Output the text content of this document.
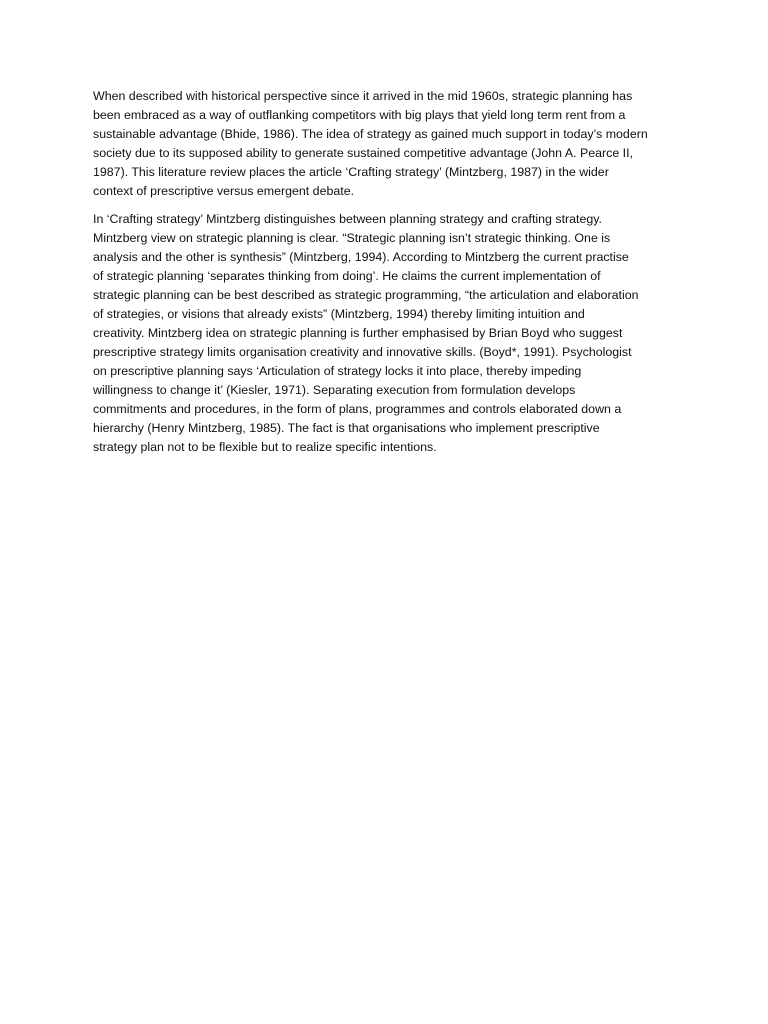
When described with historical perspective since it arrived in the mid 1960s, strategic planning has
been embraced as a way of outflanking competitors with big plays that yield long term rent from a
sustainable advantage (Bhide, 1986). The idea of strategy as gained much support in today’s modern
society due to its supposed ability to generate sustained competitive advantage (John A. Pearce II,
1987). This literature review places the article ‘Crafting strategy’ (Mintzberg, 1987) in the wider
context of prescriptive versus emergent debate.

In ‘Crafting strategy’ Mintzberg distinguishes between planning strategy and crafting strategy.
Mintzberg view on strategic planning is clear. “Strategic planning isn’t strategic thinking. One is
analysis and the other is synthesis” (Mintzberg, 1994). According to Mintzberg the current practise
of strategic planning ‘separates thinking from doing’. He claims the current implementation of
strategic planning can be best described as strategic programming, “the articulation and elaboration
of strategies, or visions that already exists” (Mintzberg, 1994) thereby limiting intuition and
creativity. Mintzberg idea on strategic planning is further emphasised by Brian Boyd who suggest
prescriptive strategy limits organisation creativity and innovative skills. (Boyd*, 1991). Psychologist
on prescriptive planning says ‘Articulation of strategy locks it into place, thereby impeding
willingness to change it’ (Kiesler, 1971). Separating execution from formulation develops
commitments and procedures, in the form of plans, programmes and controls elaborated down a
hierarchy (Henry Mintzberg, 1985). The fact is that organisations who implement prescriptive
strategy plan not to be flexible but to realize specific intentions.
